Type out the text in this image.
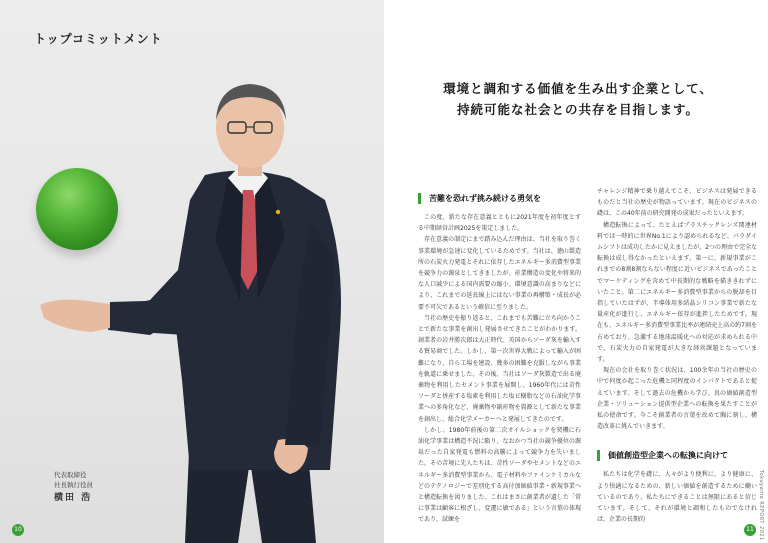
トップコミットメント
代表取締役
社長執行役員
横田 浩
10
環境と調和する価値を生み出す企業として、
持続可能な社会との共存を目指します。
苦難を恐れず挑み続ける勇気を

この度、新たな存在意義とともに2021年度を初年度とする中期経営計画2025を策定しました。

存在意義の制定にまで踏み込んだ理由は、当社を取り巻く事業環境が急速に変化しているためです。当社は、徳山製造所の石炭火力発電とそれに依存したエネルギー多消費型事業を競争力の源泉としてきましたが、産業構造の変化や将来的な人口減少による国内需要の縮小、環境意識の高まりなどにより、これまでの延長線上にはない事業の再構築・成長が必要不可欠であるという確信に至りました。

当社の歴史を振り返ると、これまでも苦難に立ち向かうことで新たな事業を創出し発展させてきたことがわかります。創業者の岩井勝次郎は大正時代、英国からソーダ灰を輸入する貿易商でした。しかし、第一次世界大戦によって輸入が困難になり、自ら工場を建設、幾多の困難を克服しながら事業を軌道に乗せました。その後、当社はソーダ灰製造で出る廃棄物を利用したセメント事業を展開し、1960年代には苛性ソーダと併産する塩素を利用した塩ビ樹脂などの石油化学事業への多角化など、廃棄物や副産物を資源として新たな事業を創出し、総合化学メーカーへと発展してきたのです。

しかし、1980年前後の第二次オイルショックを契機に石油化学事業は構造不況に陥り、なおかつ当社の競争優位の源泉だった自家発電も燃料の高騰によって競争力を失いました。その苦境に先人たちは、苛性ソーダやセメントなどのエネルギー多消費型事業から、電子材料やファインケミカルなどのテクノロジーで差別化する高付加価値事業・新規事業へと構造転換を図りました。これはまさに創業者が遺した「常に事業は顧客に根ざし、変遷に敏である」という言葉の体現であり、試練を

チャレンジ精神で乗り越えてこそ、ビジネスは発展できるものだと当社の歴史が物語っています。現在のビジネスの礎は、この40年前の研究開発の成果だったといえます。

構造転換によって、たとえばプラスチックレンズ関連材料では一時的に世界No.1により認められるなど、パラダイムシフトは成功したかに見えましたが、2つの理由で完全な転換は成し得なかったといえます。第一に、新規事業がこれまでの8割8割ならない程度に近いビジネスであったことでマーケティングを含めて中長期的な戦略を描ききれずにいたこと。第二にエネルギー多消費型事業からの脱却を目指していたはずが、半導体用多結晶シリコン事業で新たな量産化が進行し、エネルギー依存が進捗したためです。現在も、エネルギー多消費型事業比率が連結売上高の約7割を占めており、急激する地球温暖化への対応が求められる中で、石炭火力の自家発電が大きな経営課題となっています。

現在の会社を取り巻く状況は、100余年の当社の歴史の中で何度か起こった危機と同程度のインパクトであると捉えています。そして過去の危機から学び、真の価値創造型企業・ソリューション提供型企業への転換を果たすことが私の使命です。今こそ創業者の言葉を改めて胸に刻し、構造改革に挑んでいきます。

価値創造型企業への転換に向けて

私たちは化学を礎に、人々がより便利に、より健康に、より快適になるための、新しい価値を創造するために働いているのであり、私たちにできることは無限にあると信じています。そして、それが環境と調和したものでなければ、企業の長期的	Tokuyama REPORT 2021
11
